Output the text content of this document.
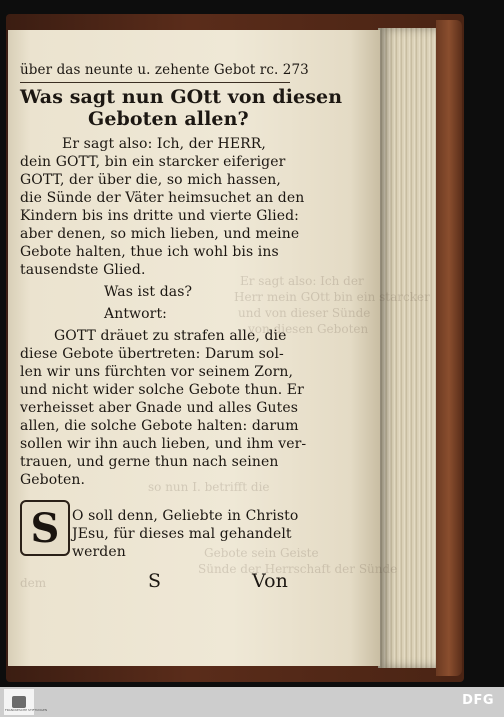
Er sagt also: Ich der
Herr mein GOtt bin ein starcker
und von dieser Sünde
von diesen Geboten
so nun I. betrifft die
Gebote sein Geiste
Sünde der Herrschaft der Sünde
dem
über das neunte u. zehente Gebot rc. 273
Was sagt nun GOtt von diesen
Geboten allen?
Er sagt also: Ich, der HERR,
dein GOTT, bin ein starcker eiferiger
GOTT, der über die, so mich hassen,
die Sünde der Väter heimsuchet an den
Kindern bis ins dritte und vierte Glied:
aber denen, so mich lieben, und meine
Gebote halten, thue ich wohl bis ins
tausendste Glied.
Was ist das?
Antwort:
GOTT dräuet zu strafen alle, die
diese Gebote übertreten: Darum sol-
len wir uns fürchten vor seinem Zorn,
und nicht wider solche Gebote thun. Er
verheisset aber Gnade und alles Gutes
allen, die solche Gebote halten: darum
sollen wir ihn auch lieben, und ihm ver-
trauen, und gerne thun nach seinen
Geboten.
S O soll denn, Geliebte in Christo
JEsu, für dieses mal gehandelt
werden
S	Von
FRANCKESCHE STIFTUNGEN
DFG
